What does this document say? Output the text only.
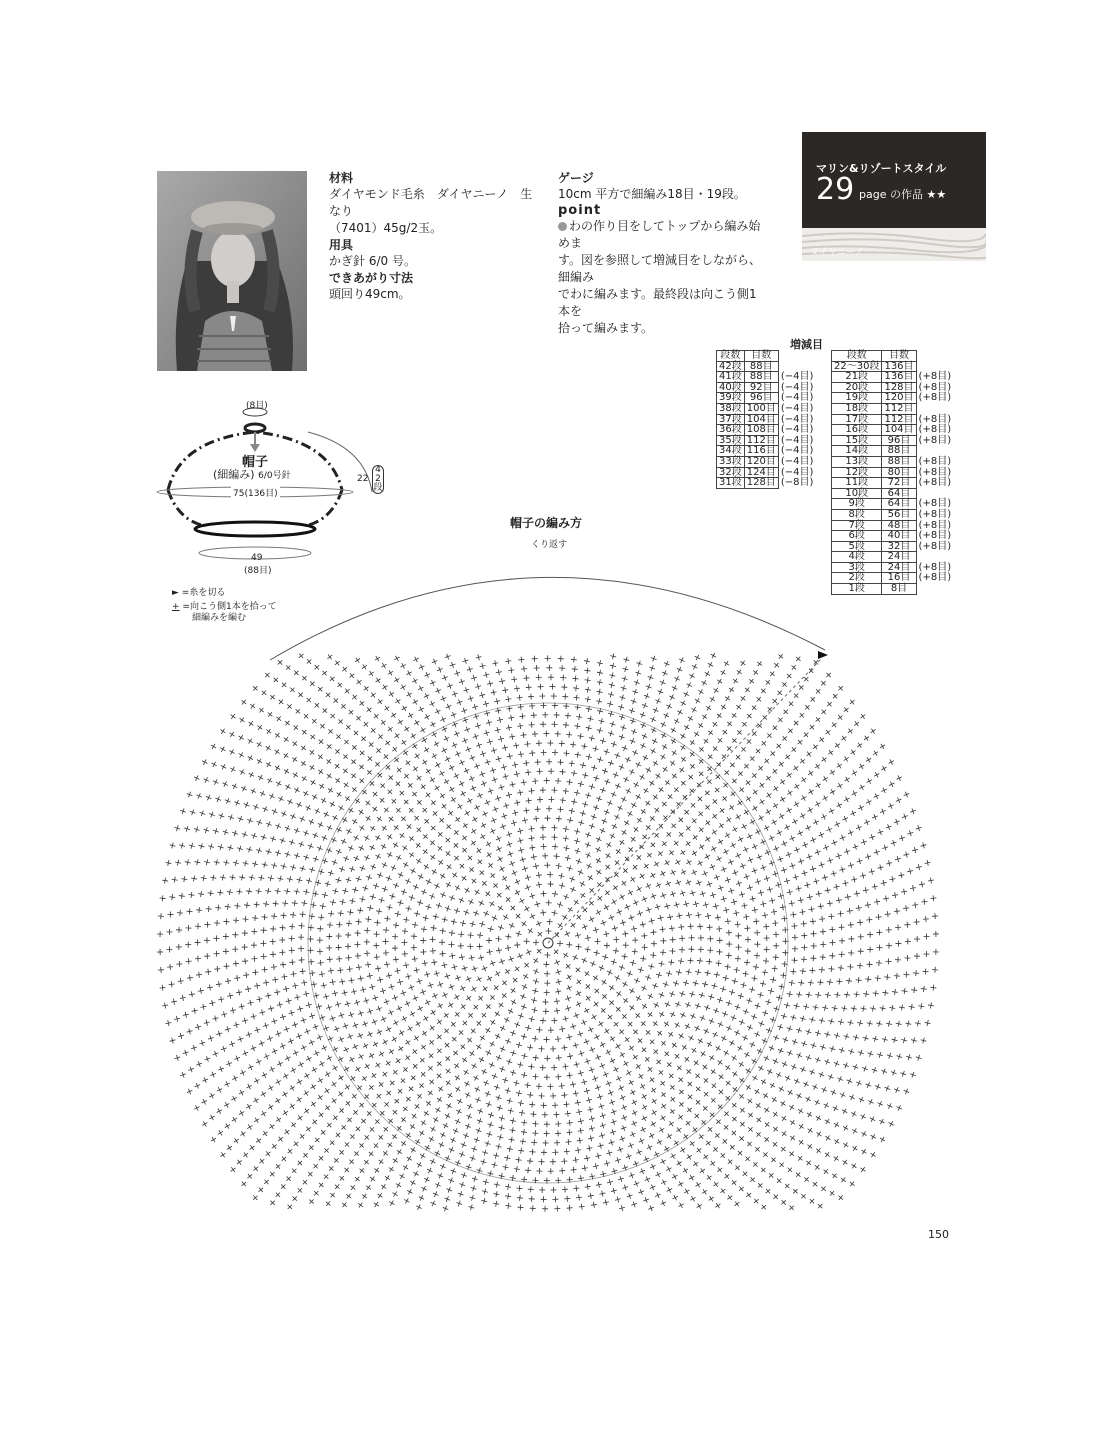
材料
ダイヤモンド毛糸　ダイヤニーノ　生なり
（7401）45g/2玉。
用具
かぎ針 6/0 号。
できあがり寸法
頭回り49cm。
ゲージ
10cm 平方で細編み18目・19段。
point
わの作り目をしてトップから編み始めま
す。図を参照して増減目をしながら、細編み
でわに編みます。最終段は向こう側1本を
拾って編みます。
マリン&リゾートスタイル
29 page の作品 ★★
ダイヤニーノ
増減目
段数	目数	
42段	88目	
41段	88目	(−4目)
40段	92目	(−4目)
39段	96目	(−4目)
38段	100目	(−4目)
37段	104目	(−4目)
36段	108目	(−4目)
35段	112目	(−4目)
34段	116目	(−4目)
33段	120目	(−4目)
32段	124目	(−4目)
31段	128目	(−8目)
段数	目数	
22〜30段	136目	
21段	136目	(+8目)
20段	128目	(+8目)
19段	120目	(+8目)
18段	112目	
17段	112目	(+8目)
16段	104目	(+8目)
15段	96目	(+8目)
14段	88目	
13段	88目	(+8目)
12段	80目	(+8目)
11段	72目	(+8目)
10段	64目	
9段	64目	(+8目)
8段	56目	(+8目)
7段	48目	(+8目)
6段	40目	(+8目)
5段	32目	(+8目)
4段	24目	
3段	24目	(+8目)
2段	16目	(+8目)
1段	8目	
(8目)
帽子
(細編み) 6/0号針
75(136目)
22
42段
49
(88目)
► =糸を切る
+ =向こう側1本を拾って
細編みを編む
帽子の編み方
くり返す
150
